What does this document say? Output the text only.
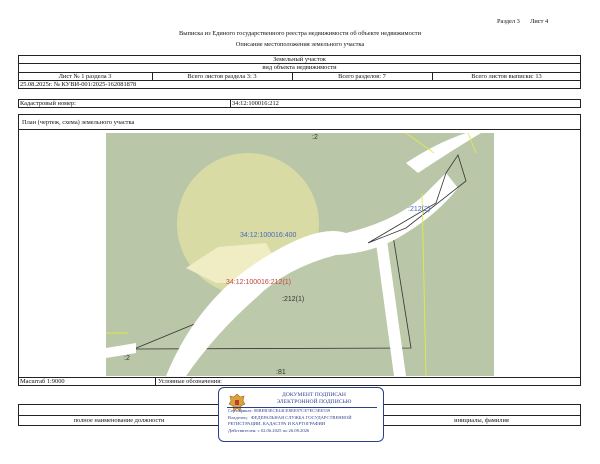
Раздел 3 Лист 4
Выписка из Единого государственного реестра недвижимости об объекте недвижимости
Описание местоположения земельного участка
Земельный участок
вид объекта недвижимости
Лист № 1 раздела 3	Всего листов раздела 3: 3	Всего разделов: 7	Всего листов выписки: 13
25.08.2025г. № КУВИ-001/2025-162081878
Кадастровый номер:	34:12:100016:212
План (чертеж, схема) земельного участка
:2
:212(2)
34:12:100016:400
34:12:100016:212(1)
:212(1)
:2
:81
Масштаб 1:9000	Условные обозначения:
полное наименование должности	инициалы, фамилия
ДОКУМЕНТ ПОДПИСАН
ЭЛЕКТРОННОЙ ПОДПИСЬЮ
Сертификат: 00ВЕВ3ЕСЕ44СЕ8ЕЕ97СЕ7ЕС5ЕЕ539
Владелец: ФЕДЕРАЛЬНАЯ СЛУЖБА ГОСУДАРСТВЕННОЙ
РЕГИСТРАЦИИ, КАДАСТРА И КАРТОГРАФИИ
Действителен: с 02.06.2025 по 26.08.2026
